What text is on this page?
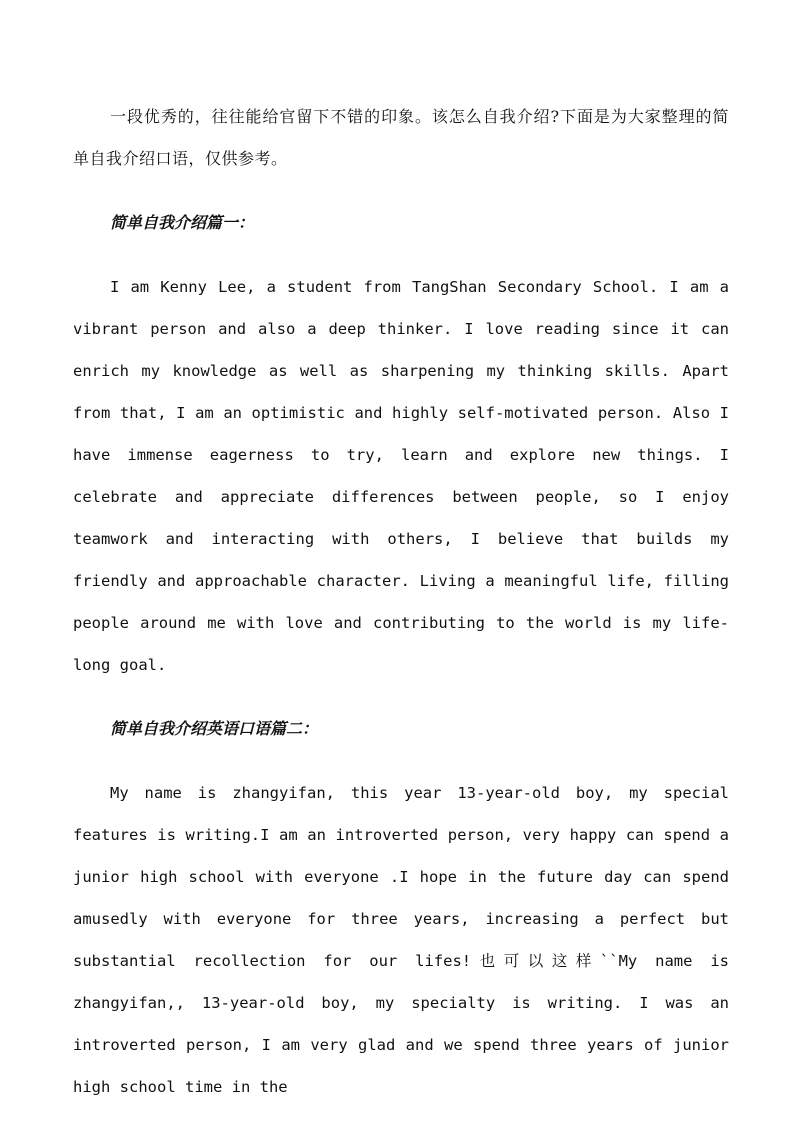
一段优秀的，往往能给官留下不错的印象。该怎么自我介绍?下面是为大家整理的简单自我介绍口语，仅供参考。

简单自我介绍篇一：

I am Kenny Lee, a student from TangShan Secondary School. I am a vibrant person and also a deep thinker. I love reading since it can enrich my knowledge as well as sharpening my thinking skills. Apart from that, I am an optimistic and highly self-motivated person. Also I have immense eagerness to try, learn and explore new things. I celebrate and appreciate differences between people, so I enjoy teamwork and interacting with others, I believe that builds my friendly and approachable character. Living a meaningful life, filling people around me with love and contributing to the world is my life-long goal.

简单自我介绍英语口语篇二：

My name is zhangyifan, this year 13-year-old boy, my special features is writing.I am an introverted person, very happy can spend a junior high school with everyone .I hope in the future day can spend amusedly with everyone for three years, increasing a perfect but substantial recollection for our lifes!也可以这样``My name is zhangyifan,, 13-year-old boy, my specialty is writing. I was an introverted person, I am very glad and we spend three years of junior high school time in the
